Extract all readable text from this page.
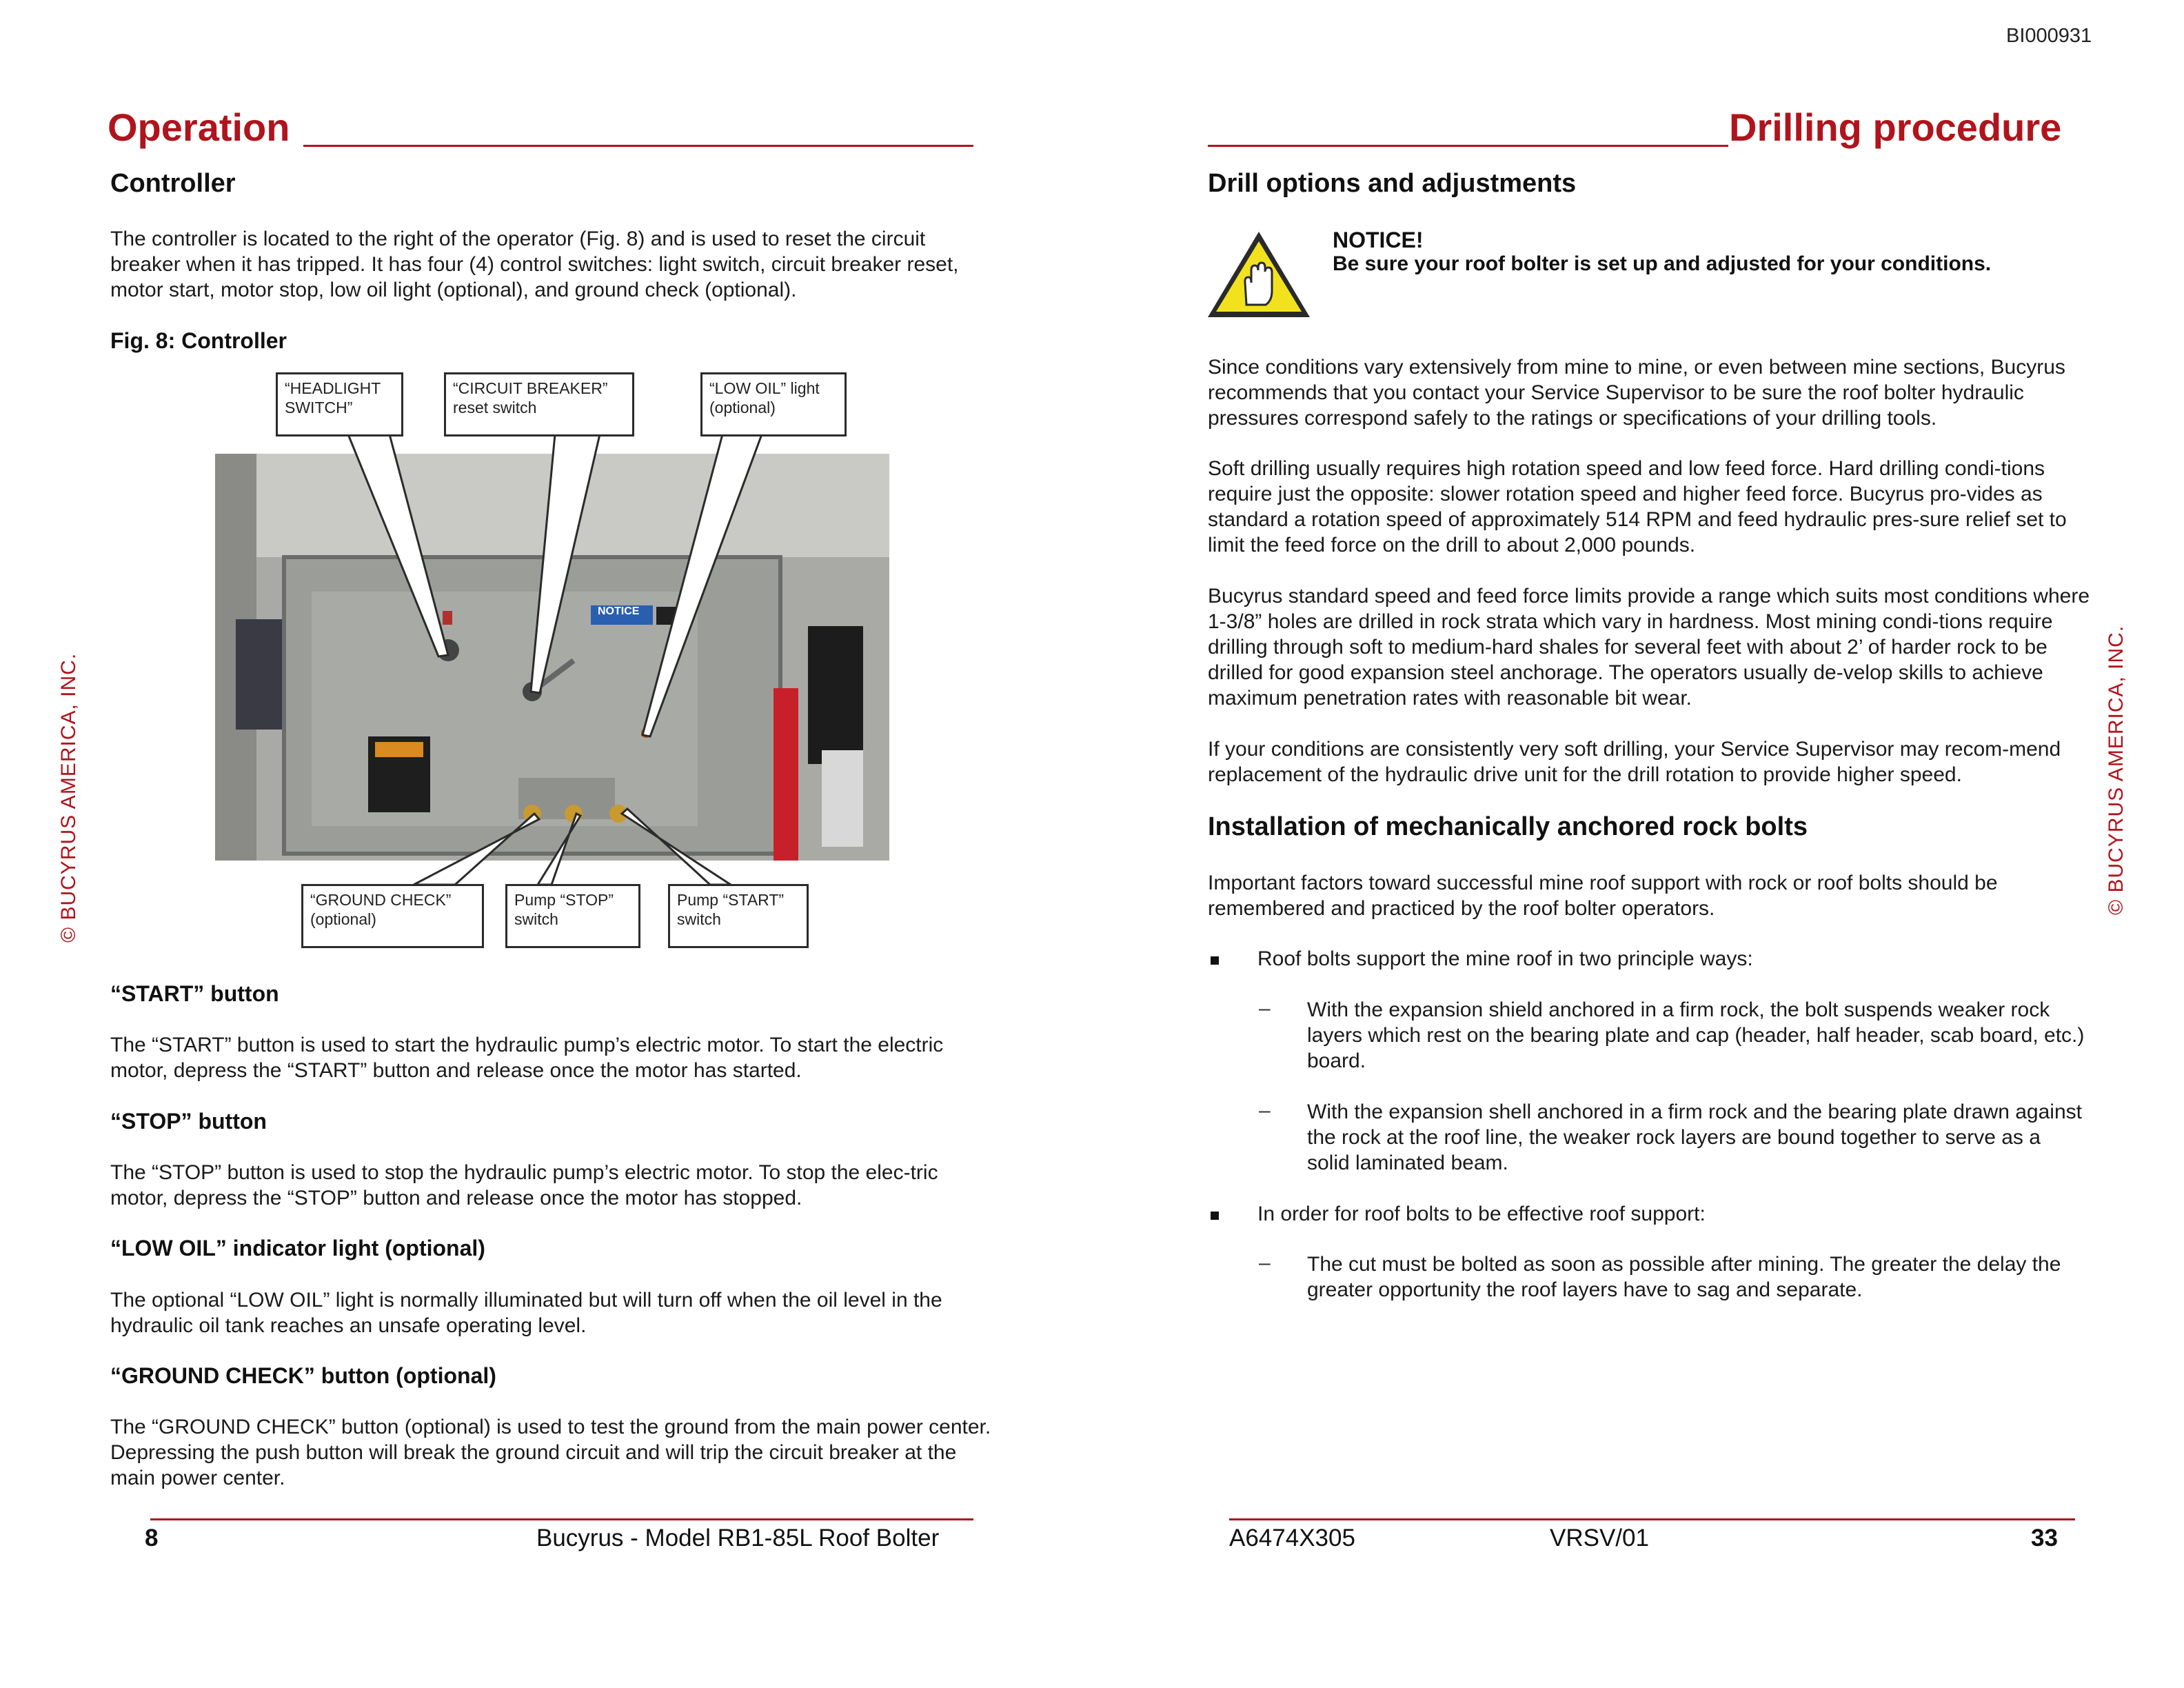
BI000931
Operation
Controller
The controller is located to the right of the operator (Fig. 8) and is used to reset the circuit breaker when it has tripped. It has four (4) control switches: light switch, circuit breaker reset, motor start, motor stop, low oil light (optional), and ground check (optional).
Fig. 8: Controller
NOTICE
“HEADLIGHT SWITCH”
“CIRCUIT BREAKER” reset switch
“LOW OIL” light (optional)
“GROUND CHECK” (optional)
Pump “STOP” switch
Pump “START” switch
“START” button
The “START” button is used to start the hydraulic pump’s electric motor. To start the electric motor, depress the “START” button and release once the motor has started.
“STOP” button
The “STOP” button is used to stop the hydraulic pump’s electric motor. To stop the elec-tric motor, depress the “STOP” button and release once the motor has stopped.
“LOW OIL” indicator light (optional)
The optional “LOW OIL” light is normally illuminated but will turn off when the oil level in the hydraulic oil tank reaches an unsafe operating level.
“GROUND CHECK” button (optional)
The “GROUND CHECK” button (optional) is used to test the ground from the main power center. Depressing the push button will break the ground circuit and will trip the circuit breaker at the main power center.
© BUCYRUS AMERICA, INC.
8	Bucyrus - Model RB1-85L Roof Bolter
Drilling procedure
Drill options and adjustments
NOTICE!
Be sure your roof bolter is set up and adjusted for your conditions.
Since conditions vary extensively from mine to mine, or even between mine sections, Bucyrus recommends that you contact your Service Supervisor to be sure the roof bolter hydraulic pressures correspond safely to the ratings or specifications of your drilling tools.
Soft drilling usually requires high rotation speed and low feed force. Hard drilling condi-tions require just the opposite: slower rotation speed and higher feed force. Bucyrus pro-vides as standard a rotation speed of approximately 514 RPM and feed hydraulic pres-sure relief set to limit the feed force on the drill to about 2,000 pounds.
Bucyrus standard speed and feed force limits provide a range which suits most conditions where 1-3/8” holes are drilled in rock strata which vary in hardness. Most mining condi-tions require drilling through soft to medium-hard shales for several feet with about 2’ of harder rock to be drilled for good expansion steel anchorage. The operators usually de-velop skills to achieve maximum penetration rates with reasonable bit wear.
If your conditions are consistently very soft drilling, your Service Supervisor may recom-mend replacement of the hydraulic drive unit for the drill rotation to provide higher speed.
Installation of mechanically anchored rock bolts
Important factors toward successful mine roof support with rock or roof bolts should be remembered and practiced by the roof bolter operators.
Roof bolts support the mine roof in two principle ways:
– With the expansion shield anchored in a firm rock, the bolt suspends weaker rock layers which rest on the bearing plate and cap (header, half header, scab board, etc.) board.
– With the expansion shell anchored in a firm rock and the bearing plate drawn against the rock at the roof line, the weaker rock layers are bound together to serve as a solid laminated beam.
In order for roof bolts to be effective roof support:
– The cut must be bolted as soon as possible after mining. The greater the delay the greater opportunity the roof layers have to sag and separate.
© BUCYRUS AMERICA, INC.
A6474X305	VRSV/01	33
